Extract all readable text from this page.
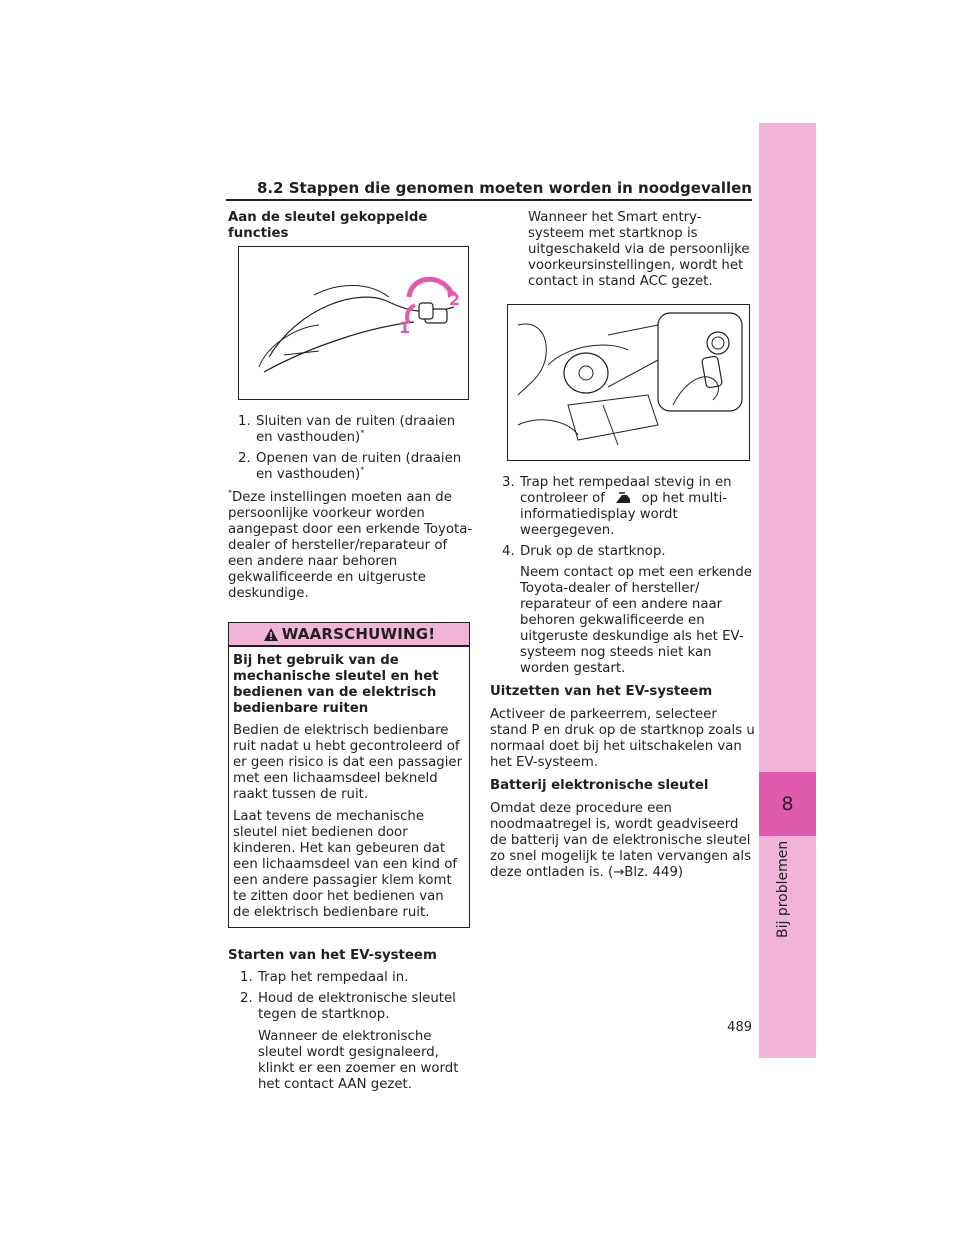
8
Bij problemen
8.2 Stappen die genomen moeten worden in noodgevallen

Aan de sleutel gekoppelde functies

2
1
1. Sluiten van de ruiten (draaien en vasthouden)*
2. Openen van de ruiten (draaien en vasthouden)*

*Deze instellingen moeten aan de persoonlijke voorkeur worden aangepast door een erkende Toyota-dealer of hersteller/reparateur of een andere naar behoren gekwalificeerde en uitgeruste deskundige.

WAARSCHUWING!

Bij het gebruik van de mechanische sleutel en het bedienen van de elektrisch bedienbare ruiten

Bedien de elektrisch bedienbare ruit nadat u hebt gecontroleerd of er geen risico is dat een passagier met een lichaamsdeel bekneld raakt tussen de ruit.

Laat tevens de mechanische sleutel niet bedienen door kinderen. Het kan gebeuren dat een lichaamsdeel van een kind of een andere passagier klem komt te zitten door het bedienen van de elektrisch bedienbare ruit.

Starten van het EV-systeem

1. Trap het rempedaal in.
2. Houd de elektronische sleutel tegen de startknop.

Wanneer de elektronische sleutel wordt gesignaleerd, klinkt er een zoemer en wordt het contact AAN gezet.

Wanneer het Smart entry-systeem met startknop is uitgeschakeld via de persoonlijke voorkeursinstellingen, wordt het contact in stand ACC gezet.

3. Trap het rempedaal stevig in en controleer of	op het multi-informatiedisplay wordt weergegeven.
4. Druk op de startknop.

Neem contact op met een erkende Toyota-dealer of hersteller/ reparateur of een andere naar behoren gekwalificeerde en uitgeruste deskundige als het EV-systeem nog steeds niet kan worden gestart.

Uitzetten van het EV-systeem

Activeer de parkeerrem, selecteer stand P en druk op de startknop zoals u normaal doet bij het uitschakelen van het EV-systeem.

Batterij elektronische sleutel

Omdat deze procedure een noodmaatregel is, wordt geadviseerd de batterij van de elektronische sleutel zo snel mogelijk te laten vervangen als deze ontladen is. (→Blz. 449)

489
